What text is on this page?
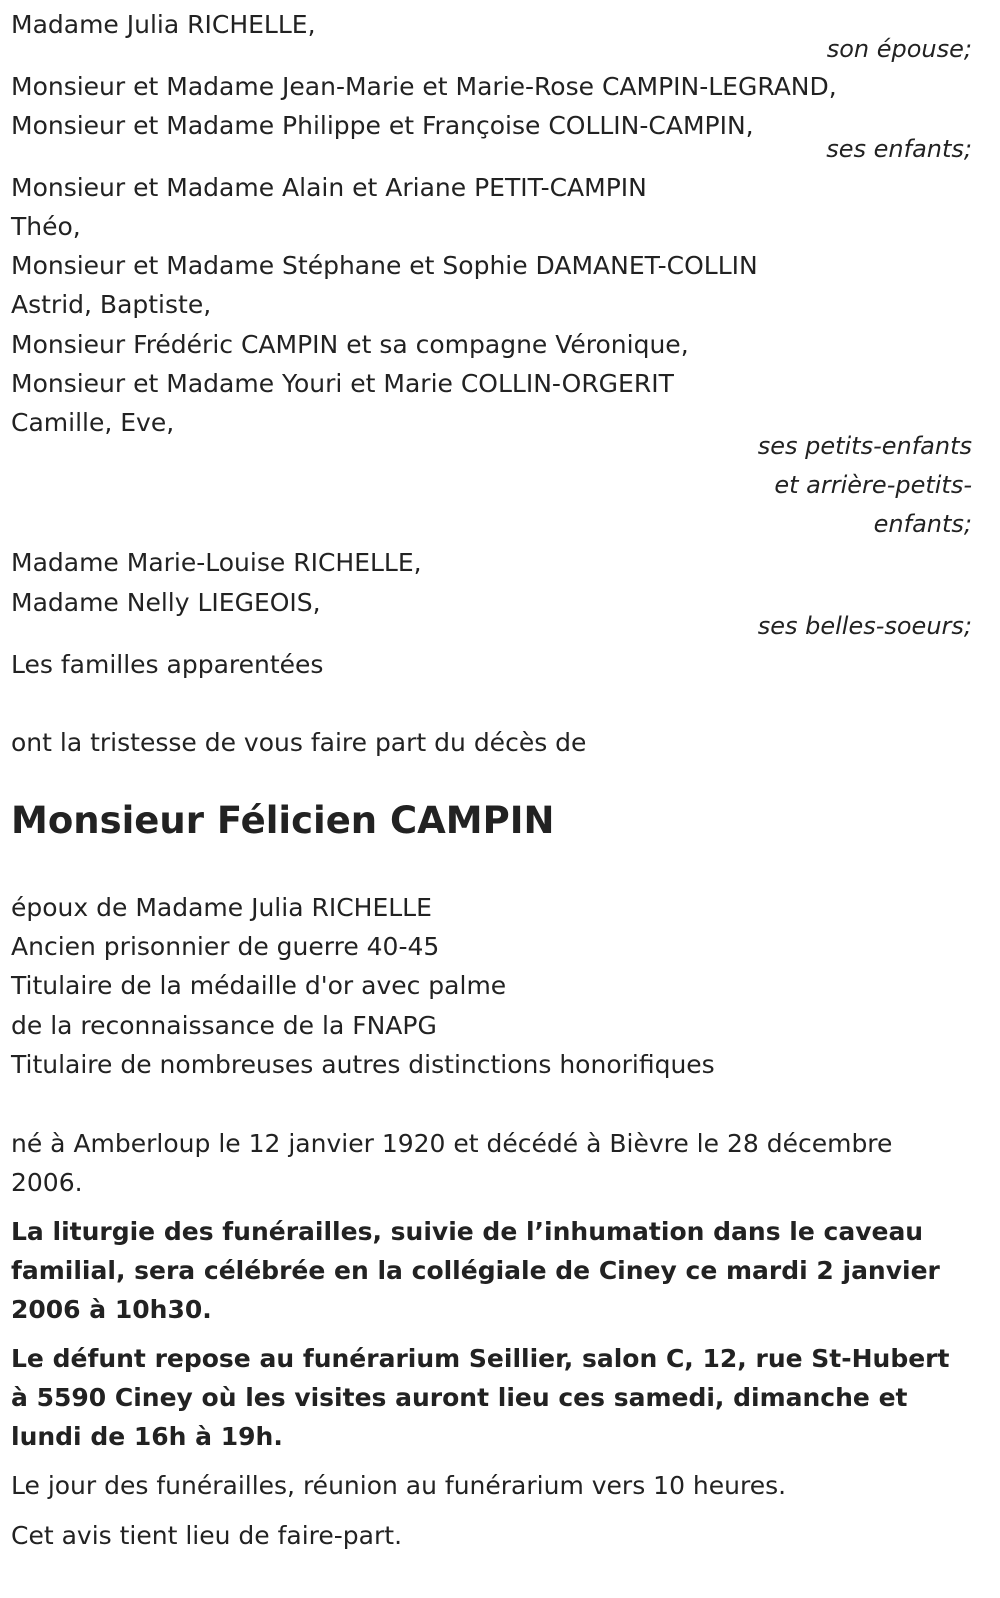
Madame Julia RICHELLE,
son épouse;
Monsieur et Madame Jean-Marie et Marie-Rose CAMPIN-LEGRAND,
Monsieur et Madame Philippe et Françoise COLLIN-CAMPIN,
ses enfants;
Monsieur et Madame Alain et Ariane PETIT-CAMPIN
Théo,
Monsieur et Madame Stéphane et Sophie DAMANET-COLLIN
Astrid, Baptiste,
Monsieur Frédéric CAMPIN et sa compagne Véronique,
Monsieur et Madame Youri et Marie COLLIN-ORGERIT
Camille, Eve,
ses petits-enfants
et arrière-petits-
enfants;
Madame Marie-Louise RICHELLE,
Madame Nelly LIEGEOIS,
ses belles-soeurs;
Les familles apparentées
ont la tristesse de vous faire part du décès de
Monsieur Félicien CAMPIN
époux de Madame Julia RICHELLE
Ancien prisonnier de guerre 40-45
Titulaire de la médaille d'or avec palme
de la reconnaissance de la FNAPG
Titulaire de nombreuses autres distinctions honorifiques
né à Amberloup le 12 janvier 1920 et décédé à Bièvre le 28 décembre 2006.
La liturgie des funérailles, suivie de l’inhumation dans le caveau familial, sera célébrée en la collégiale de Ciney ce mardi 2 janvier 2006 à 10h30.
Le défunt repose au funérarium Seillier, salon C, 12, rue St-Hubert à 5590 Ciney où les visites auront lieu ces samedi, dimanche et lundi de 16h à 19h.
Le jour des funérailles, réunion au funérarium vers 10 heures.
Cet avis tient lieu de faire-part.
